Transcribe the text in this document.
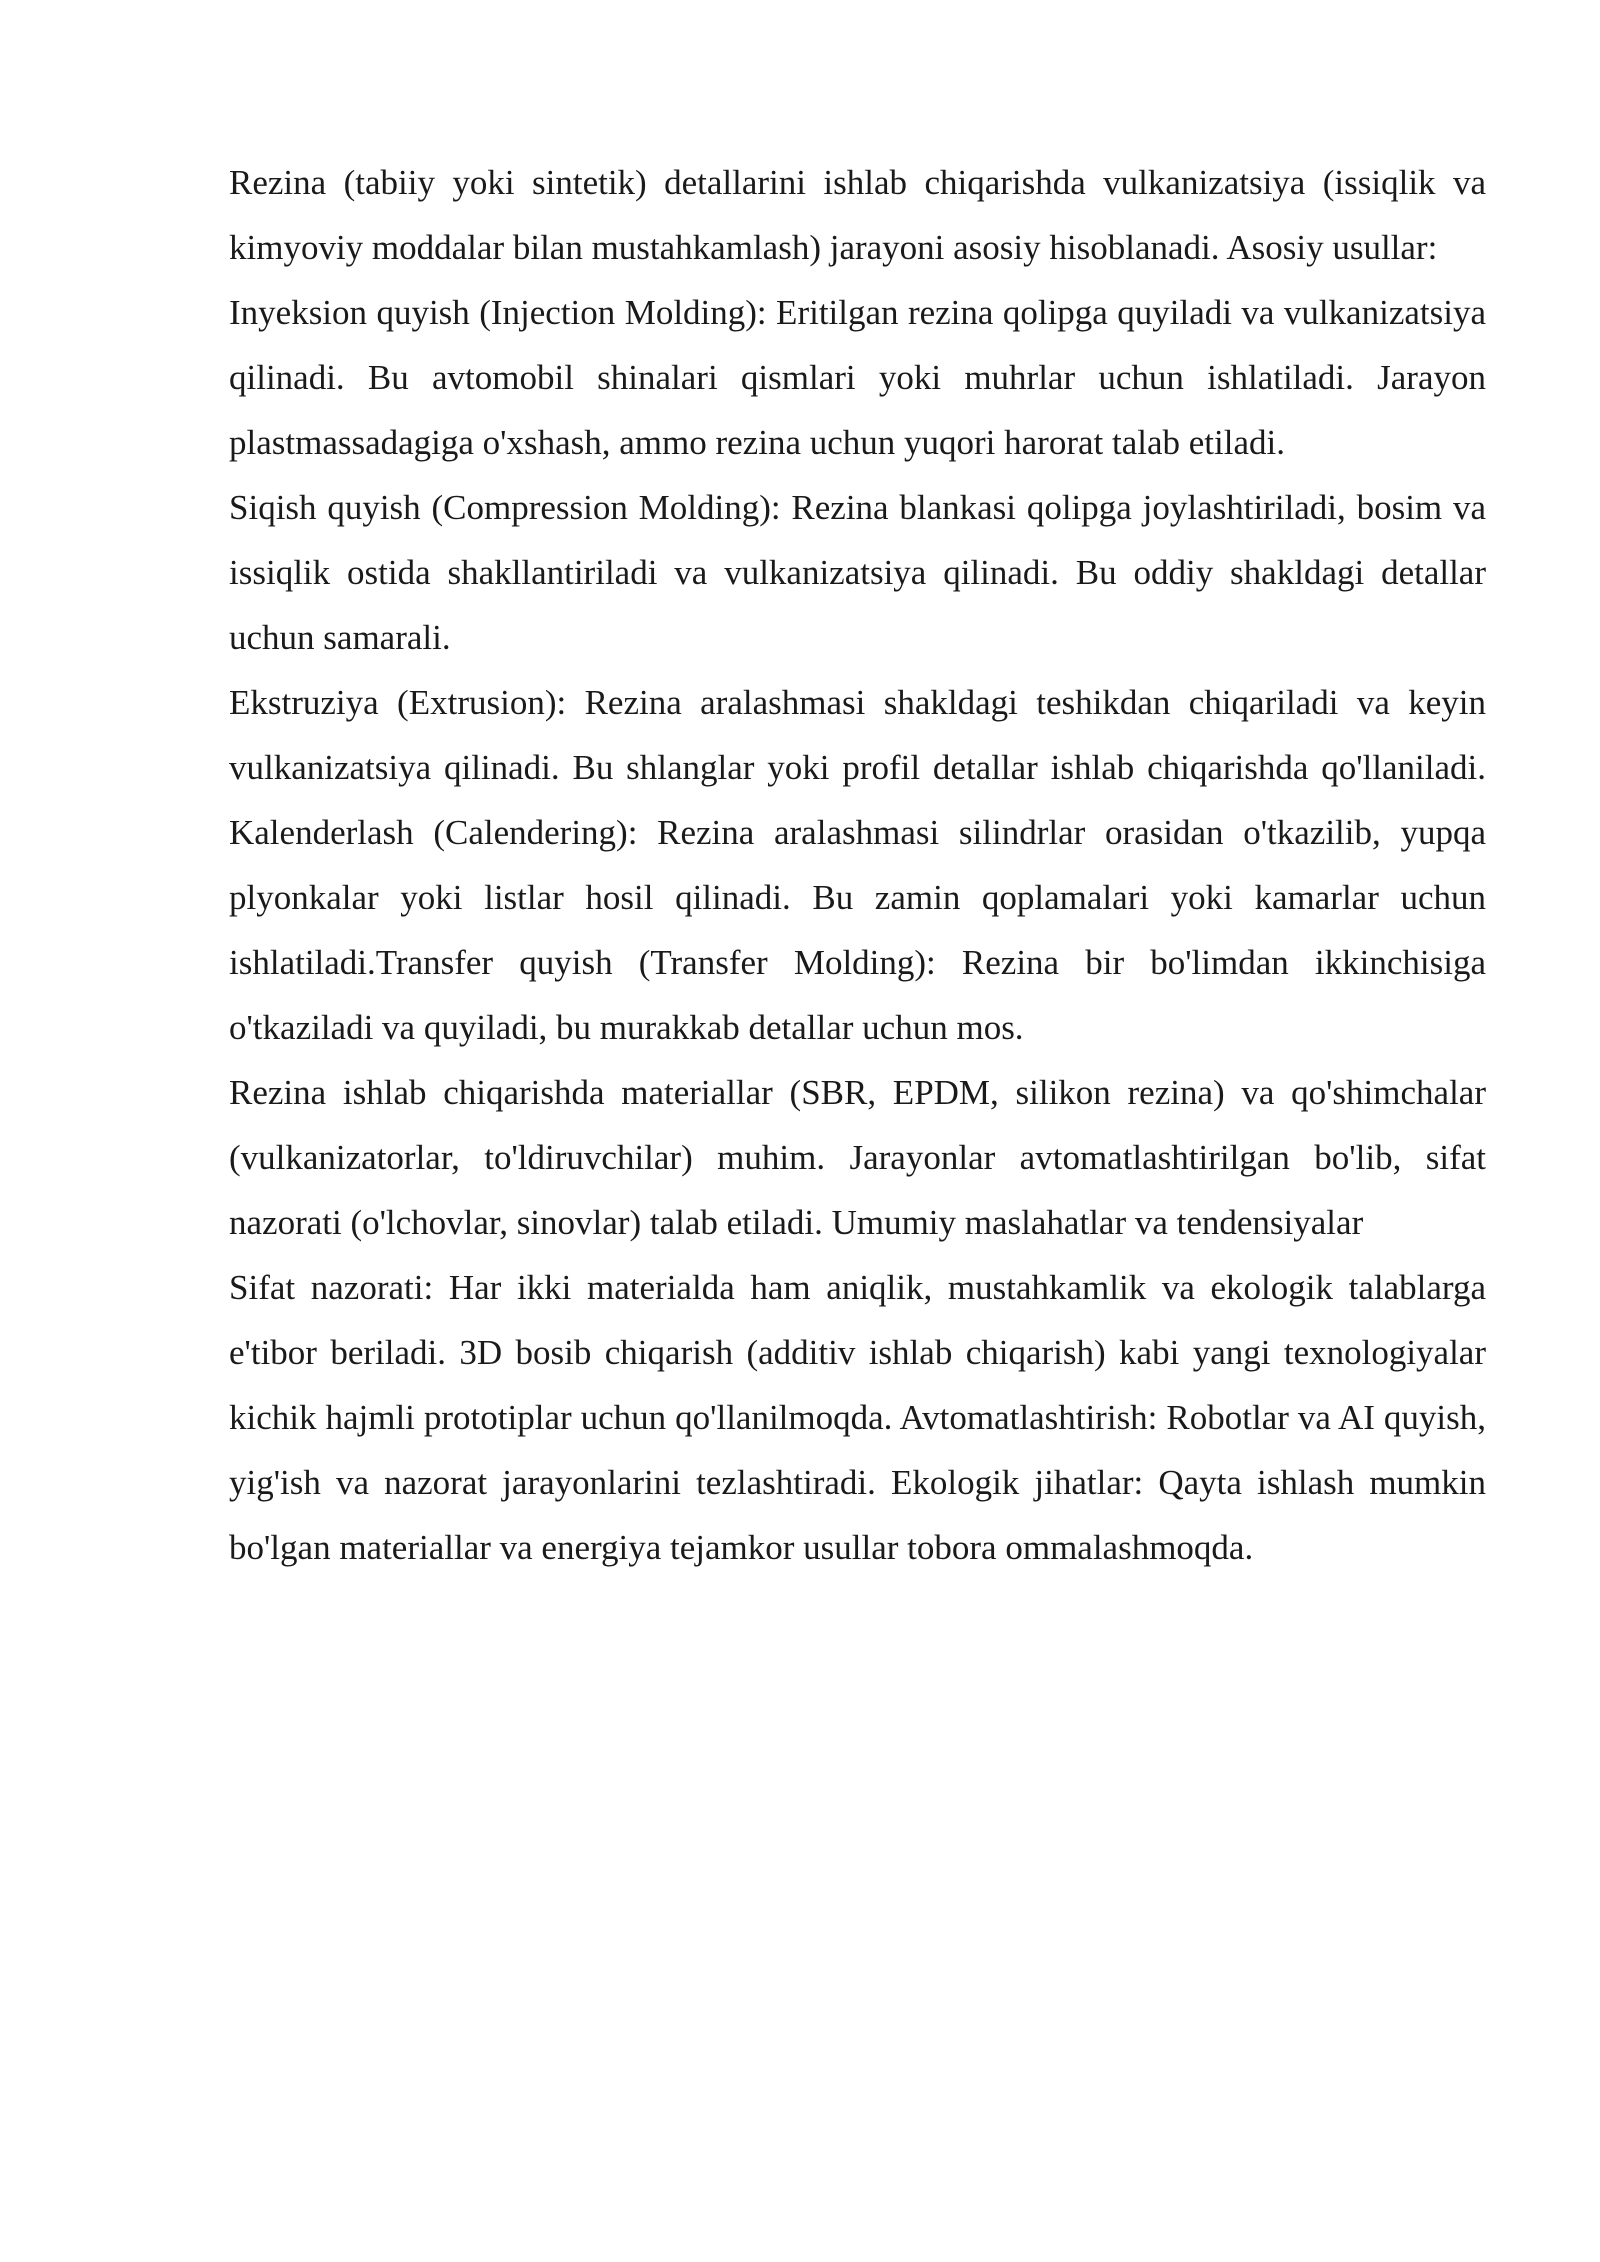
Rezina (tabiiy yoki sintetik) detallarini ishlab chiqarishda vulkanizatsiya (issiqlik va kimyoviy moddalar bilan mustahkamlash) jarayoni asosiy hisoblanadi. Asosiy usullar:

Inyeksion quyish (Injection Molding): Eritilgan rezina qolipga quyiladi va vulkanizatsiya qilinadi. Bu avtomobil shinalari qismlari yoki muhrlar uchun ishlatiladi. Jarayon plastmassadagiga o'xshash, ammo rezina uchun yuqori harorat talab etiladi.

Siqish quyish (Compression Molding): Rezina blankasi qolipga joylashtiriladi, bosim va issiqlik ostida shakllantiriladi va vulkanizatsiya qilinadi. Bu oddiy shakldagi detallar uchun samarali.

Ekstruziya (Extrusion): Rezina aralashmasi shakldagi teshikdan chiqariladi va keyin vulkanizatsiya qilinadi. Bu shlanglar yoki profil detallar ishlab chiqarishda qo'llaniladi. Kalenderlash (Calendering): Rezina aralashmasi silindrlar orasidan o'tkazilib, yupqa plyonkalar yoki listlar hosil qilinadi. Bu zamin qoplamalari yoki kamarlar uchun ishlatiladi.Transfer quyish (Transfer Molding): Rezina bir bo'limdan ikkinchisiga o'tkaziladi va quyiladi, bu murakkab detallar uchun mos.

Rezina ishlab chiqarishda materiallar (SBR, EPDM, silikon rezina) va qo'shimchalar (vulkanizatorlar, to'ldiruvchilar) muhim. Jarayonlar avtomatlashtirilgan bo'lib, sifat nazorati (o'lchovlar, sinovlar) talab etiladi. Umumiy maslahatlar va tendensiyalar

Sifat nazorati: Har ikki materialda ham aniqlik, mustahkamlik va ekologik talablarga e'tibor beriladi. 3D bosib chiqarish (additiv ishlab chiqarish) kabi yangi texnologiyalar kichik hajmli prototiplar uchun qo'llanilmoqda. Avtomatlashtirish: Robotlar va AI quyish, yig'ish va nazorat jarayonlarini tezlashtiradi. Ekologik jihatlar: Qayta ishlash mumkin bo'lgan materiallar va energiya tejamkor usullar tobora ommalashmoqda.
